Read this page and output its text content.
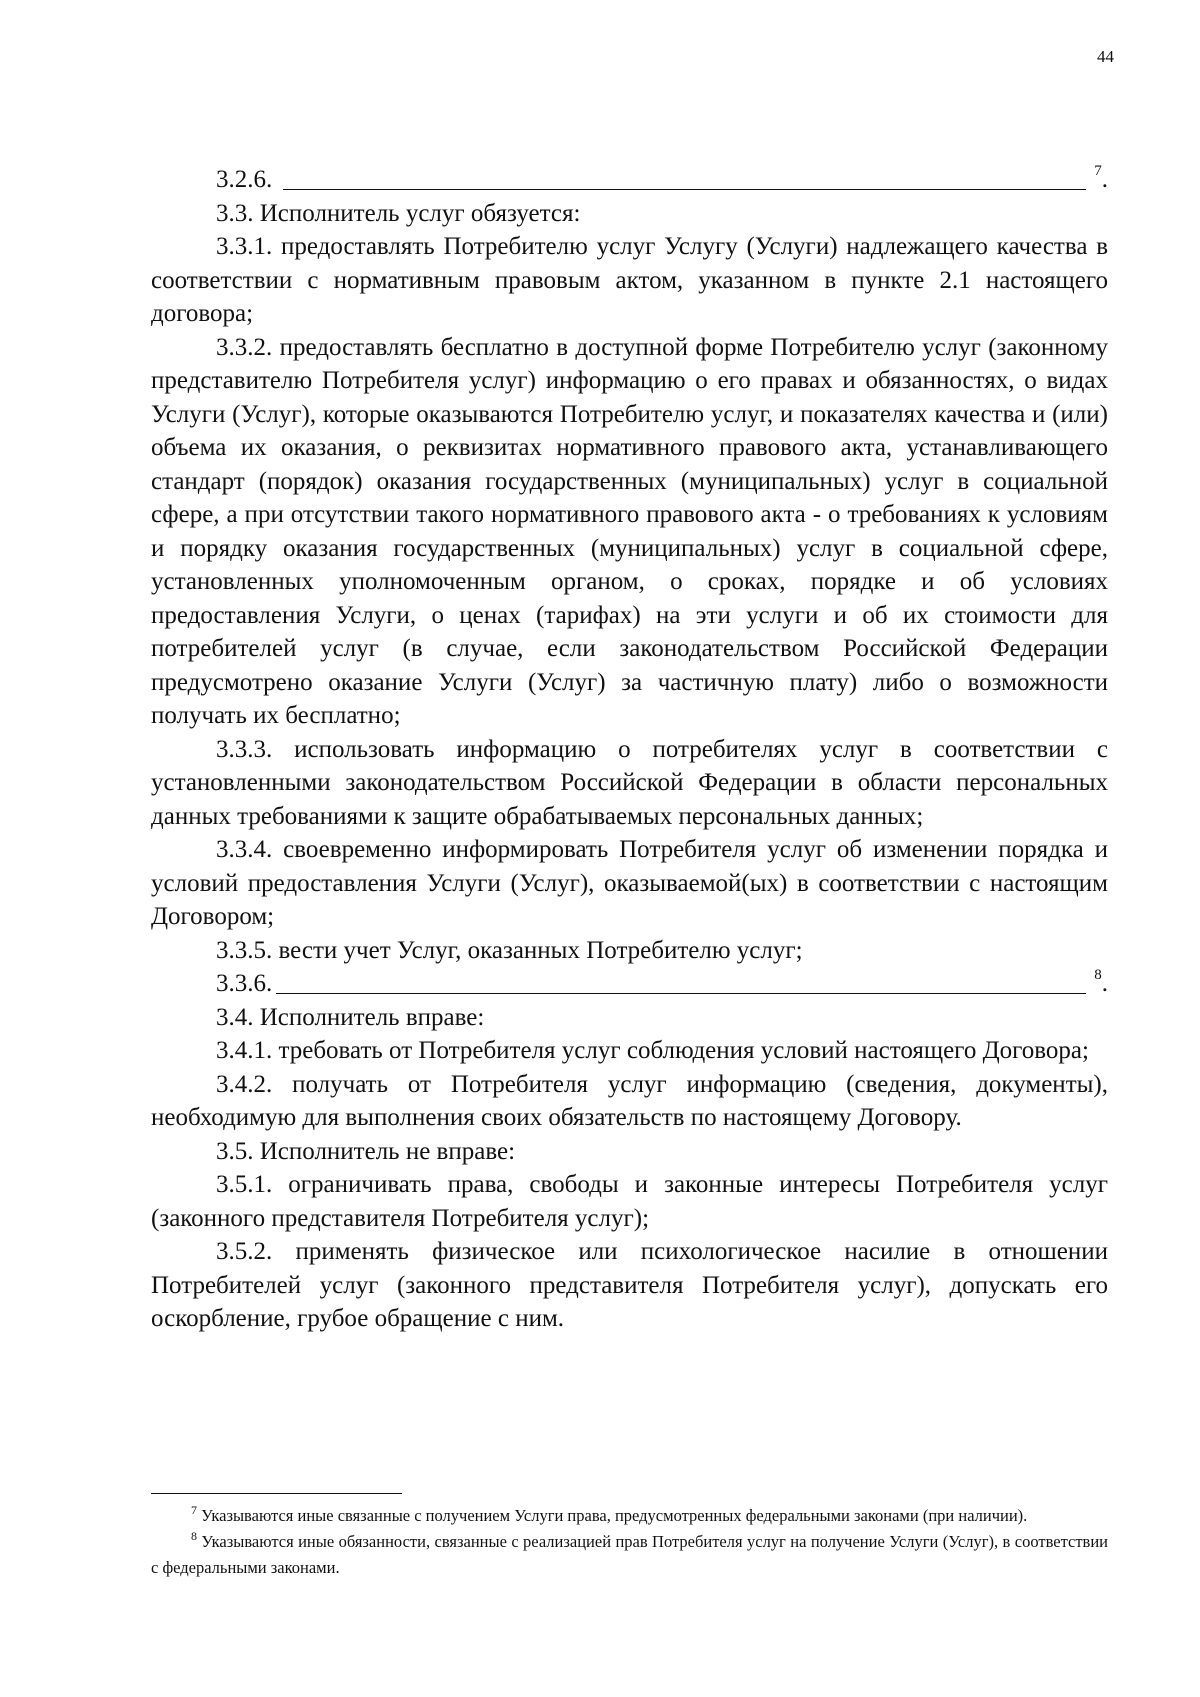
44

3.2.6.	$^7$.

3.3. Исполнитель услуг обязуется:

3.3.1. предоставлять Потребителю услуг Услугу (Услуги) надлежащего качества в соответствии с нормативным правовым актом, указанном в пункте 2.1 настоящего договора;

3.3.2. предоставлять бесплатно в доступной форме Потребителю услуг (законному представителю Потребителя услуг) информацию о его правах и обязанностях, о видах Услуги (Услуг), которые оказываются Потребителю услуг, и показателях качества и (или) объема их оказания, о реквизитах нормативного правового акта, устанавливающего стандарт (порядок) оказания государственных (муниципальных) услуг в социальной сфере, а при отсутствии такого нормативного правового акта - о требованиях к условиям и порядку оказания государственных (муниципальных) услуг в социальной сфере, установленных уполномоченным органом, о сроках, порядке и об условиях предоставления Услуги, о ценах (тарифах) на эти услуги и об их стоимости для потребителей услуг (в случае, если законодательством Российской Федерации предусмотрено оказание Услуги (Услуг) за частичную плату) либо о возможности получать их бесплатно;

3.3.3. использовать информацию о потребителях услуг в соответствии с установленными законодательством Российской Федерации в области персональных данных требованиями к защите обрабатываемых персональных данных;

3.3.4. своевременно информировать Потребителя услуг об изменении порядка и условий предоставления Услуги (Услуг), оказываемой(ых) в соответствии с настоящим Договором;

3.3.5. вести учет Услуг, оказанных Потребителю услуг;

3.3.6.	$^8$.

3.4. Исполнитель вправе:

3.4.1. требовать от Потребителя услуг соблюдения условий настоящего Договора;

3.4.2. получать от Потребителя услуг информацию (сведения, документы), необходимую для выполнения своих обязательств по настоящему Договору.

3.5. Исполнитель не вправе:

3.5.1. ограничивать права, свободы и законные интересы Потребителя услуг (законного представителя Потребителя услуг);

3.5.2. применять физическое или психологическое насилие в отношении Потребителей услуг (законного представителя Потребителя услуг), допускать его оскорбление, грубое обращение с ним.

$^7$ Указываются иные связанные с получением Услуги права, предусмотренных федеральными законами (при наличии).

$^8$ Указываются иные обязанности, связанные с реализацией прав Потребителя услуг на получение Услуги (Услуг), в соответствии с федеральными законами.
